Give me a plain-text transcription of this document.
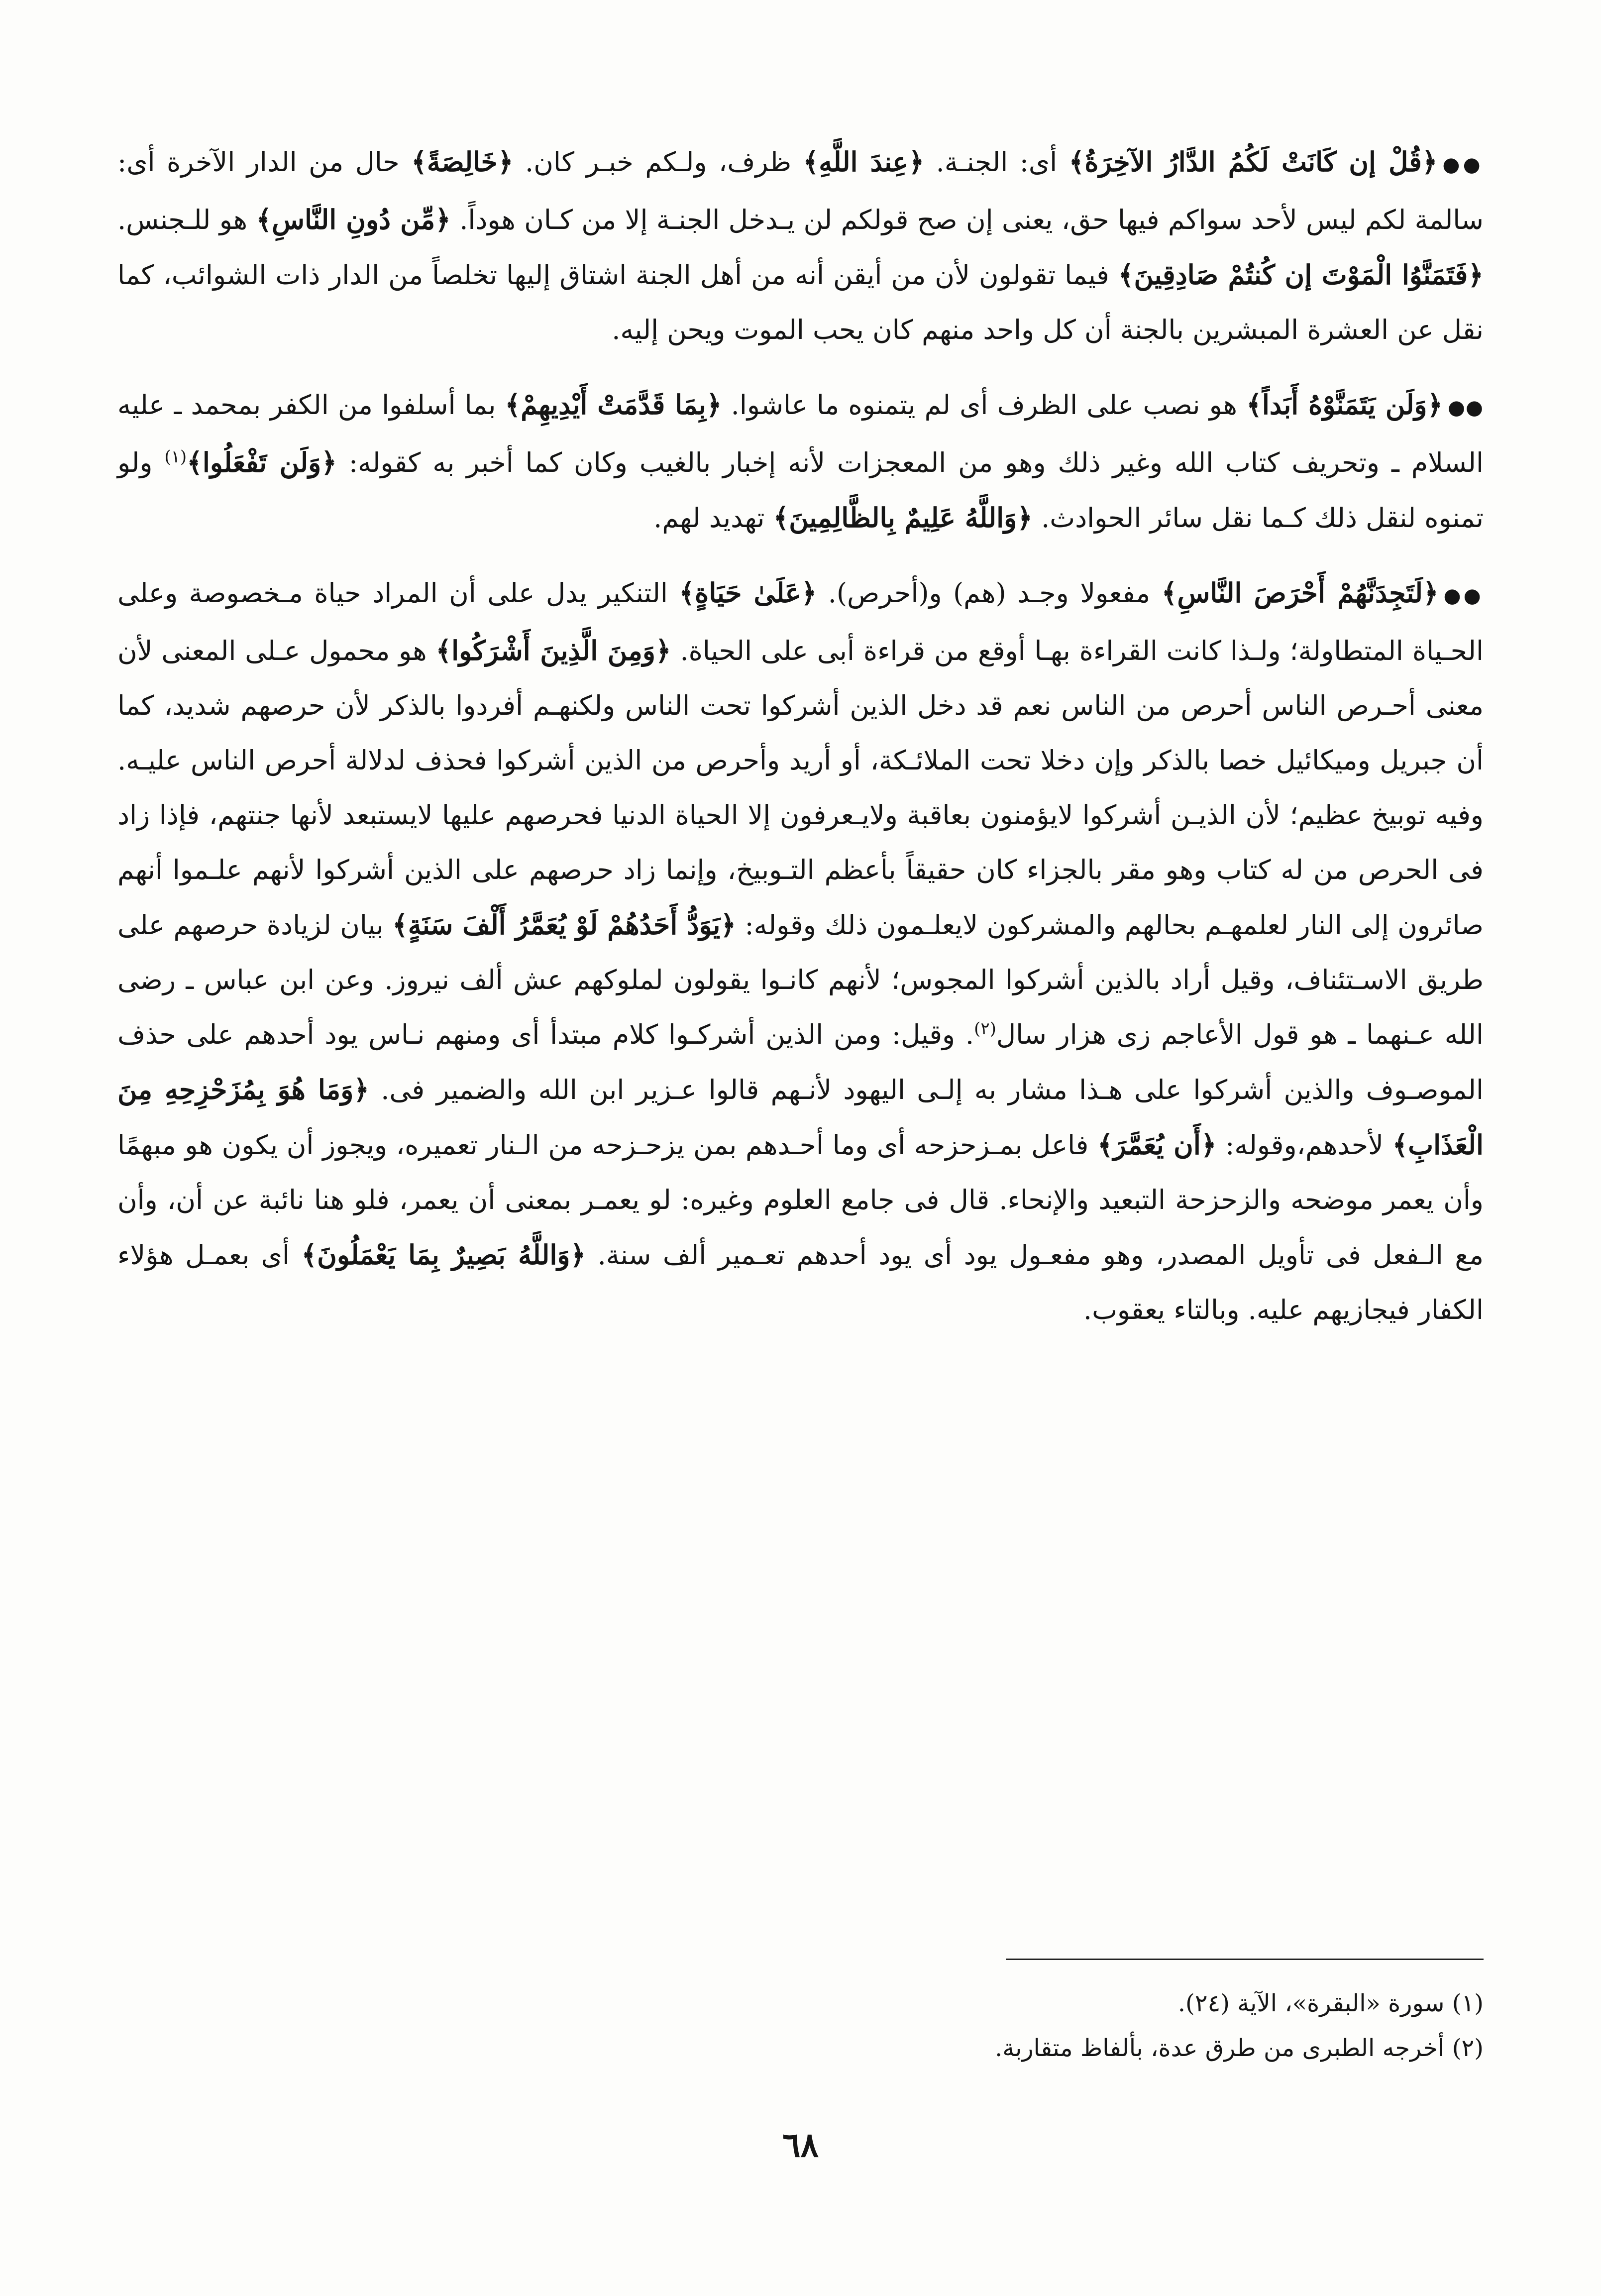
●●﴿قُلْ إن كَانَتْ لَكُمُ الدَّارُ الآخِرَةُ﴾ أى: الجنـة. ﴿عِندَ اللَّهِ﴾ ظرف، ولـكم خبـر كان. ﴿خَالِصَةً﴾ حال من الدار الآخرة أى: سالمة لكم ليس لأحد سواكم فيها حق، يعنى إن صح قولكم لن يـدخل الجنـة إلا من كـان هوداً. ﴿مِّن دُونِ النَّاسِ﴾ هو للـجنس. ﴿فَتَمَنَّوُا الْمَوْتَ إن كُنتُمْ صَادِقِينَ﴾ فيما تقولون لأن من أيقن أنه من أهل الجنة اشتاق إليها تخلصاً من الدار ذات الشوائب، كما نقل عن العشرة المبشرين بالجنة أن كل واحد منهم كان يحب الموت ويحن إليه.

●●﴿وَلَن يَتَمَنَّوْهُ أَبَداً﴾ هو نصب على الظرف أى لم يتمنوه ما عاشوا. ﴿بِمَا قَدَّمَتْ أَيْدِيهِمْ﴾ بما أسلفوا من الكفر بمحمد ـ عليه السلام ـ وتحريف كتاب الله وغير ذلك وهو من المعجزات لأنه إخبار بالغيب وكان كما أخبر به كقوله: ﴿وَلَن تَفْعَلُوا﴾$^{(١)}$ ولو تمنوه لنقل ذلك كـما نقل سائر الحوادث. ﴿وَاللَّهُ عَلِيمٌ بِالظَّالِمِينَ﴾ تهديد لهم.

●●﴿لَتَجِدَنَّهُمْ أَحْرَصَ النَّاسِ﴾ مفعولا وجـد (هم) و(أحرص). ﴿عَلَىٰ حَيَاةٍ﴾ التنكير يدل على أن المراد حياة مـخصوصة وعلى الحـياة المتطاولة؛ ولـذا كانت القراءة بهـا أوقع من قراءة أبى على الحياة. ﴿وَمِنَ الَّذِينَ أَشْرَكُوا﴾ هو محمول عـلى المعنى لأن معنى أحـرص الناس أحرص من الناس نعم قد دخل الذين أشركوا تحت الناس ولكنهـم أفردوا بالذكر لأن حرصهم شديد، كما أن جبريل وميكائيل خصا بالذكر وإن دخلا تحت الملائـكة، أو أريد وأحرص من الذين أشركوا فحذف لدلالة أحرص الناس عليـه. وفيه توبيخ عظيم؛ لأن الذيـن أشركوا لايؤمنون بعاقبة ولايـعرفون إلا الحياة الدنيا فحرصهم عليها لايستبعد لأنها جنتهم، فإذا زاد فى الحرص من له كتاب وهو مقر بالجزاء كان حقيقاً بأعظم التـوبيخ، وإنما زاد حرصهم على الذين أشركوا لأنهم علـموا أنهم صائرون إلى النار لعلمهـم بحالهم والمشركون لايعلـمون ذلك وقوله: ﴿يَوَدُّ أَحَدُهُمْ لَوْ يُعَمَّرُ أَلْفَ سَنَةٍ﴾ بيان لزيادة حرصهم على طريق الاسـتئناف، وقيل أراد بالذين أشركوا المجوس؛ لأنهم كانـوا يقولون لملوكهم عش ألف نيروز. وعن ابن عباس ـ رضى الله عـنهما ـ هو قول الأعاجم زى هزار سال$^{(٢)}$. وقيل: ومن الذين أشركـوا كلام مبتدأ أى ومنهم نـاس يود أحدهم على حذف الموصـوف والذين أشركوا على هـذا مشار به إلـى اليهود لأنـهم قالوا عـزير ابن الله والضمير فى. ﴿وَمَا هُوَ بِمُزَحْزِحِهِ مِنَ الْعَذَابِ﴾ لأحدهم،وقوله: ﴿أَن يُعَمَّرَ﴾ فاعل بمـزحزحه أى وما أحـدهم بمن يزحـزحه من الـنار تعميره، ويجوز أن يكون هو مبهمًا وأن يعمر موضحه والزحزحة التبعيد والإنحاء. قال فى جامع العلوم وغيره: لو يعمـر بمعنى أن يعمر، فلو هنا نائبة عن أن، وأن مع الـفعل فى تأويل المصدر، وهو مفعـول يود أى يود أحدهم تعـمير ألف سنة. ﴿وَاللَّهُ بَصِيرٌ بِمَا يَعْمَلُونَ﴾ أى بعمـل هؤلاء الكفار فيجازيهم عليه. وبالتاء يعقوب.

(١) سورة «البقرة»، الآية (٢٤).

(٢) أخرجه الطبرى من طرق عدة، بألفاظ متقاربة.

٦٨
